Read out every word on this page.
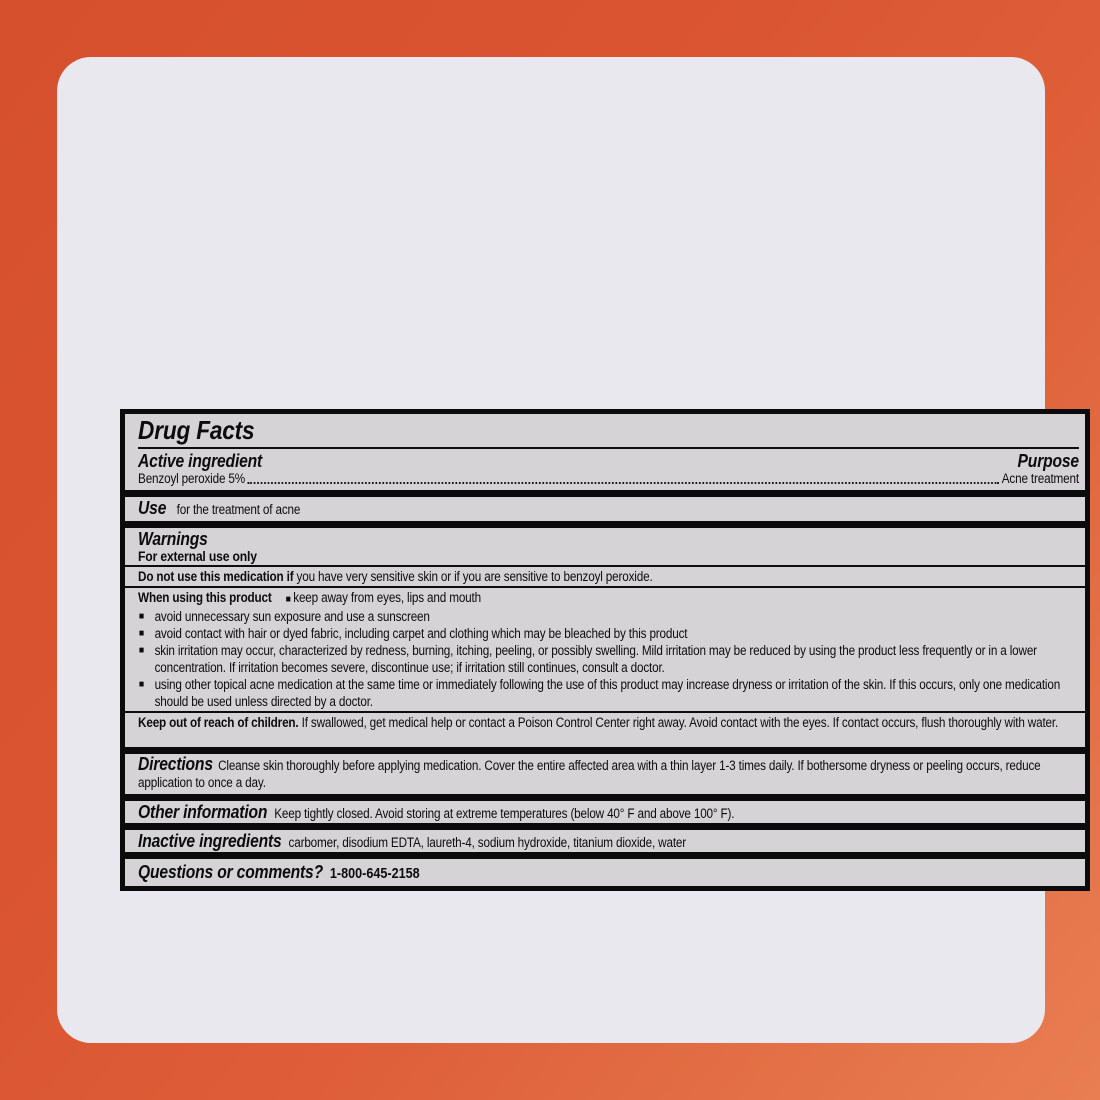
Drug Facts
Active ingredient	Purpose
Benzoyl peroxide 5%	Acne treatment
Use for the treatment of acne
Warnings
For external use only
Do not use this medication if you have very sensitive skin or if you are sensitive to benzoyl peroxide.
When using this product ■ keep away from eyes, lips and mouth
■ avoid unnecessary sun exposure and use a sunscreen
■ avoid contact with hair or dyed fabric, including carpet and clothing which may be bleached by this product
■ skin irritation may occur, characterized by redness, burning, itching, peeling, or possibly swelling. Mild irritation may be reduced by using the product less frequently or in a lower concentration. If irritation becomes severe, discontinue use; if irritation still continues, consult a doctor.
■ using other topical acne medication at the same time or immediately following the use of this product may increase dryness or irritation of the skin. If this occurs, only one medication should be used unless directed by a doctor.
Keep out of reach of children. If swallowed, get medical help or contact a Poison Control Center right away. Avoid contact with the eyes. If contact occurs, flush thoroughly with water.

Directions Cleanse skin thoroughly before applying medication. Cover the entire affected area with a thin layer 1-3 times daily. If bothersome dryness or peeling occurs, reduce application to once a day.

Other information Keep tightly closed. Avoid storing at extreme temperatures (below 40° F and above 100° F).
Inactive ingredients carbomer, disodium EDTA, laureth-4, sodium hydroxide, titanium dioxide, water
Questions or comments? 1-800-645-2158
